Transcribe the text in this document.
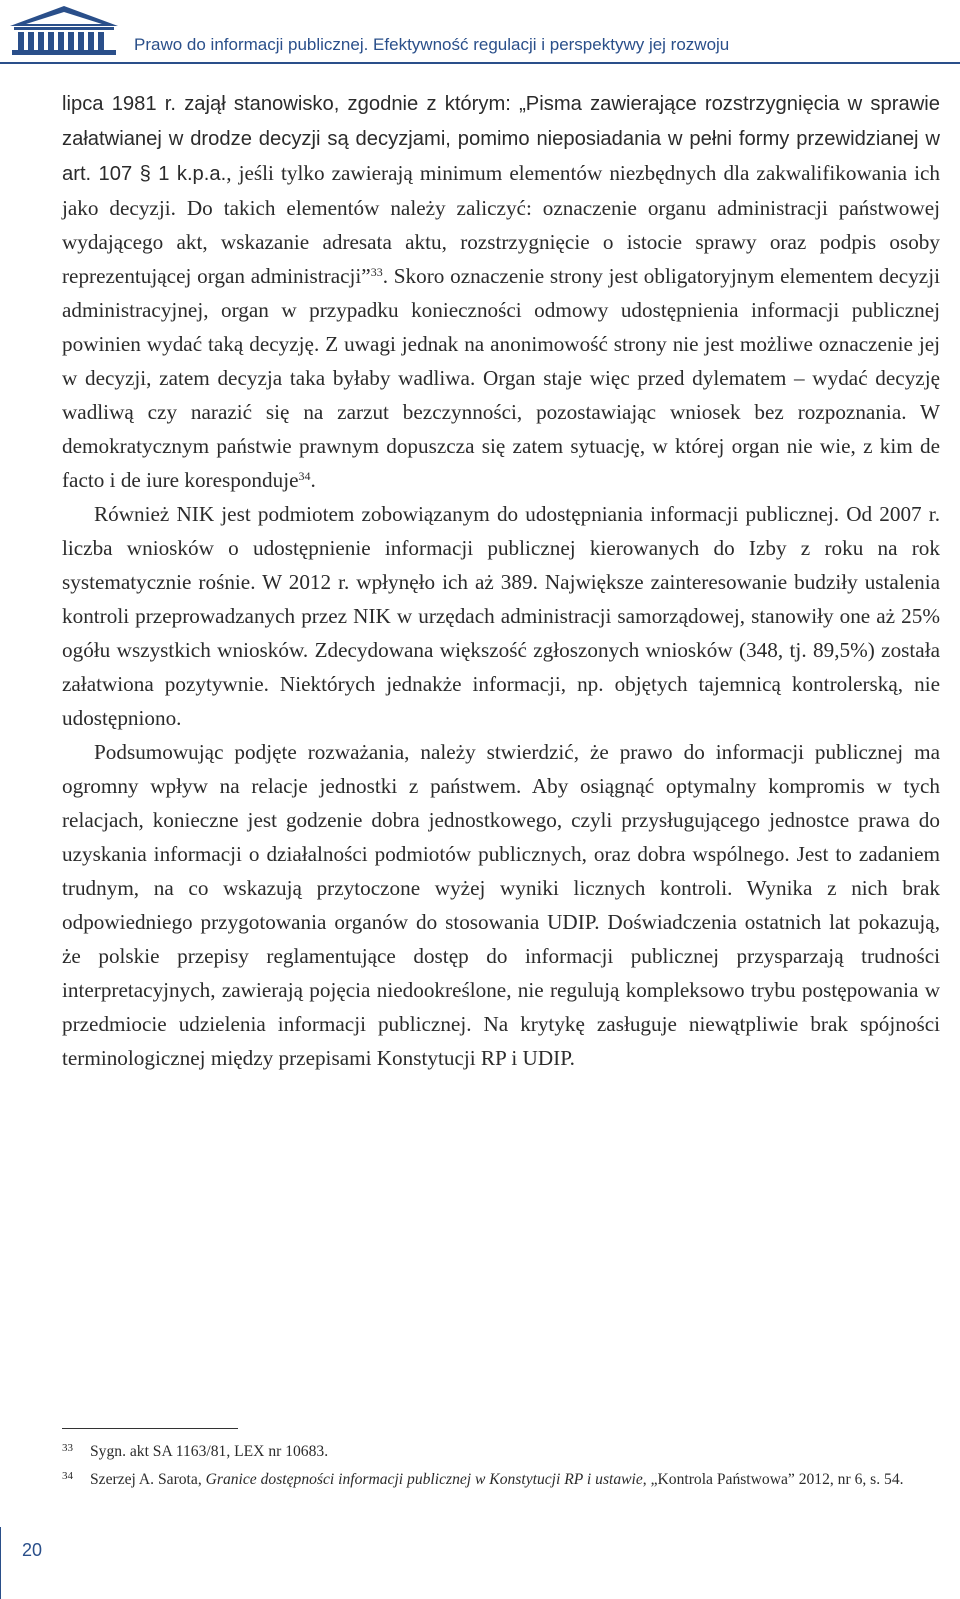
Prawo do informacji publicznej. Efektywność regulacji i perspektywy jej rozwoju

lipca 1981 r. zajął stanowisko, zgodnie z którym: „Pisma zawierające rozstrzygnięcia w sprawie załatwianej w drodze decyzji są decyzjami, pomimo nieposiadania w pełni formy przewidzianej w art. 107 § 1 k.p.a., jeśli tylko zawierają minimum elementów niezbędnych dla zakwalifikowania ich jako decyzji. Do takich elementów należy zaliczyć: oznaczenie organu administracji państwowej wydającego akt, wskazanie adresata aktu, rozstrzygnięcie o istocie sprawy oraz podpis osoby reprezentującej organ administracji”$^{33}$. Skoro oznaczenie strony jest obligatoryjnym elementem decyzji administracyjnej, organ w przypadku konieczności odmowy udostępnienia informacji publicznej powinien wydać taką decyzję. Z uwagi jednak na anonimowość strony nie jest możliwe oznaczenie jej w decyzji, zatem decyzja taka byłaby wadliwa. Organ staje więc przed dylematem – wydać decyzję wadliwą czy narazić się na zarzut bezczynności, pozostawiając wniosek bez rozpoznania. W demokratycznym państwie prawnym dopuszcza się zatem sytuację, w której organ nie wie, z kim de facto i de iure koresponduje$^{34}$.

Również NIK jest podmiotem zobowiązanym do udostępniania informacji publicznej. Od 2007 r. liczba wniosków o udostępnienie informacji publicznej kierowanych do Izby z roku na rok systematycznie rośnie. W 2012 r. wpłynęło ich aż 389. Największe zainteresowanie budziły ustalenia kontroli przeprowadzanych przez NIK w urzędach administracji samorządowej, stanowiły one aż 25% ogółu wszystkich wniosków. Zdecydowana większość zgłoszonych wniosków (348, tj. 89,5%) została załatwiona pozytywnie. Niektórych jednakże informacji, np. objętych tajemnicą kontrolerską, nie udostępniono.

Podsumowując podjęte rozważania, należy stwierdzić, że prawo do informacji publicznej ma ogromny wpływ na relacje jednostki z państwem. Aby osiągnąć optymalny kompromis w tych relacjach, konieczne jest godzenie dobra jednostkowego, czyli przysługującego jednostce prawa do uzyskania informacji o działalności podmiotów publicznych, oraz dobra wspólnego. Jest to zadaniem trudnym, na co wskazują przytoczone wyżej wyniki licznych kontroli. Wynika z nich brak odpowiedniego przygotowania organów do stosowania UDIP. Doświadczenia ostatnich lat pokazują, że polskie przepisy reglamentujące dostęp do informacji publicznej przysparzają trudności interpretacyjnych, zawierają pojęcia niedookreślone, nie regulują kompleksowo trybu postępowania w przedmiocie udzielenia informacji publicznej. Na krytykę zasługuje niewątpliwie brak spójności terminologicznej między przepisami Konstytucji RP i UDIP.

33 Sygn. akt SA 1163/81, LEX nr 10683.

34 Szerzej A. Sarota, Granice dostępności informacji publicznej w Konstytucji RP i ustawie, „Kontrola Państwowa” 2012, nr 6, s. 54.

20
